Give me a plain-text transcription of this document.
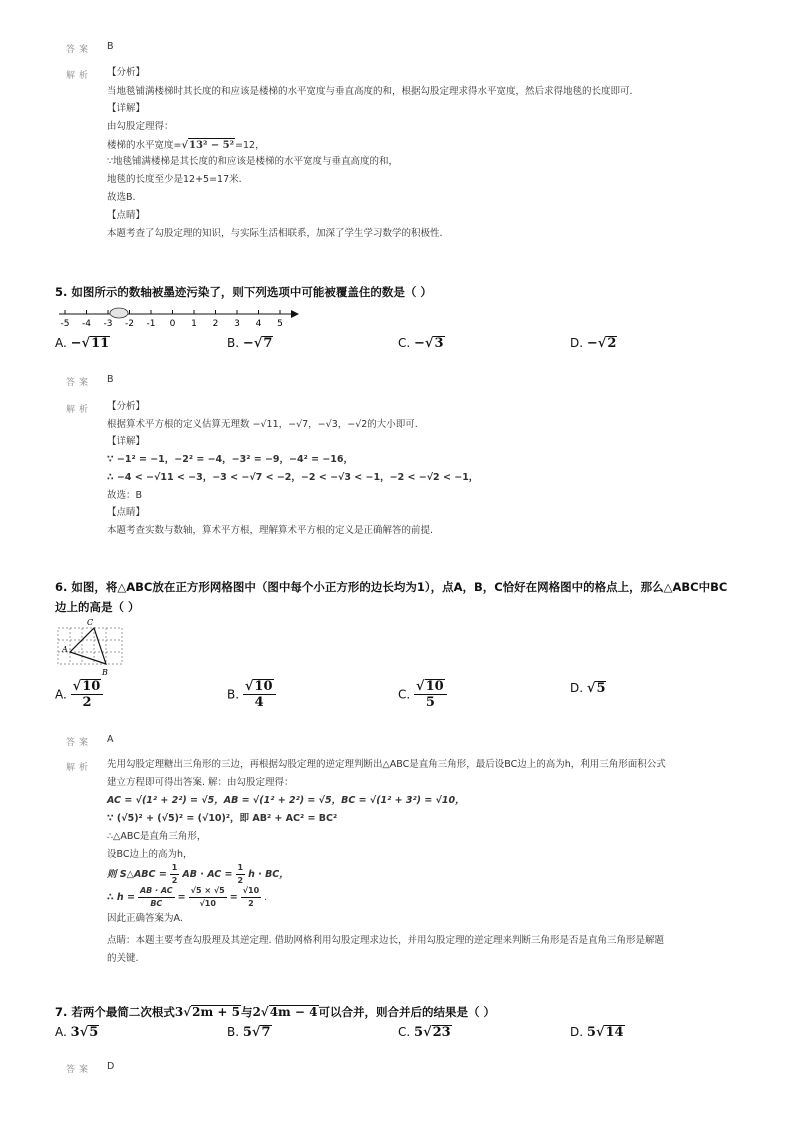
答案 B
解析 【分析】
当地毯铺满楼梯时其长度的和应该是楼梯的水平宽度与垂直高度的和，根据勾股定理求得水平宽度，然后求得地毯的长度即可.
【详解】
由勾股定理得：
楼梯的水平宽度=√13² − 5²=12，
∵地毯铺满楼梯是其长度的和应该是楼梯的水平宽度与垂直高度的和，
地毯的长度至少是12+5=17米.
故选B.
【点睛】
本题考查了勾股定理的知识，与实际生活相联系，加深了学生学习数学的积极性.
5. 如图所示的数轴被墨迹污染了，则下列选项中可能被覆盖住的数是（ ）
-5 -4 -3 -2 -1 0 1 2 3 4 5
A. −√11	B. −√7	C. −√3	D. −√2
答案 B
解析 【分析】
根据算术平方根的定义估算无理数 −√11，−√7，−√3，−√2的大小即可.
【详解】
∵ −1² = −1，−2² = −4，−3² = −9，−4² = −16，
∴ −4 < −√11 < −3，−3 < −√7 < −2，−2 < −√3 < −1，−2 < −√2 < −1，
故选：B
【点睛】
本题考查实数与数轴，算术平方根，理解算术平方根的定义是正确解答的前提.
6. 如图，将△ABC放在正方形网格图中（图中每个小正方形的边长均为1），点A，B，C恰好在网格图中的格点上，那么△ABC中BC
边上的高是（ ）
C
A
B
A. $\frac{√10}{2}$	B. $\frac{√10}{4}$	C. $\frac{√10}{5}$	D. √5
答案 A
解析 先用勾股定理糖出三角形的三边，再根据勾股定理的逆定理判断出△ABC是直角三角形，最后设BC边上的高为h，利用三角形面积公式
建立方程即可得出答案. 解：由勾股定理得：
AC = √(1² + 2²) = √5，AB = √(1² + 2²) = √5，BC = √(1² + 3²) = √10，
∵ (√5)² + (√5)² = (√10)²，即 AB² + AC² = BC²
∴△ABC是直角三角形，
设BC边上的高为h，
则 S△ABC = $\frac{1}{2}$ AB · AC = $\frac{1}{2}$ h · BC，
∴ $h = \frac{AB \cdot AC}{BC} = \frac{√5 \times √5}{√10} = \frac{√10}{2}$ .
因此正确答案为A.
点睛：本题主要考查勾股理及其逆定理. 借助网格利用勾股定理求边长，并用勾股定理的逆定理来判断三角形是否是直角三角形是解题
的关键.
7. 若两个最简二次根式 3√2m + 5 与 2√4m − 4 可以合并，则合并后的结果是（ ）
A. 3√5	B. 5√7	C. 5√23	D. 5√14
答案 D
